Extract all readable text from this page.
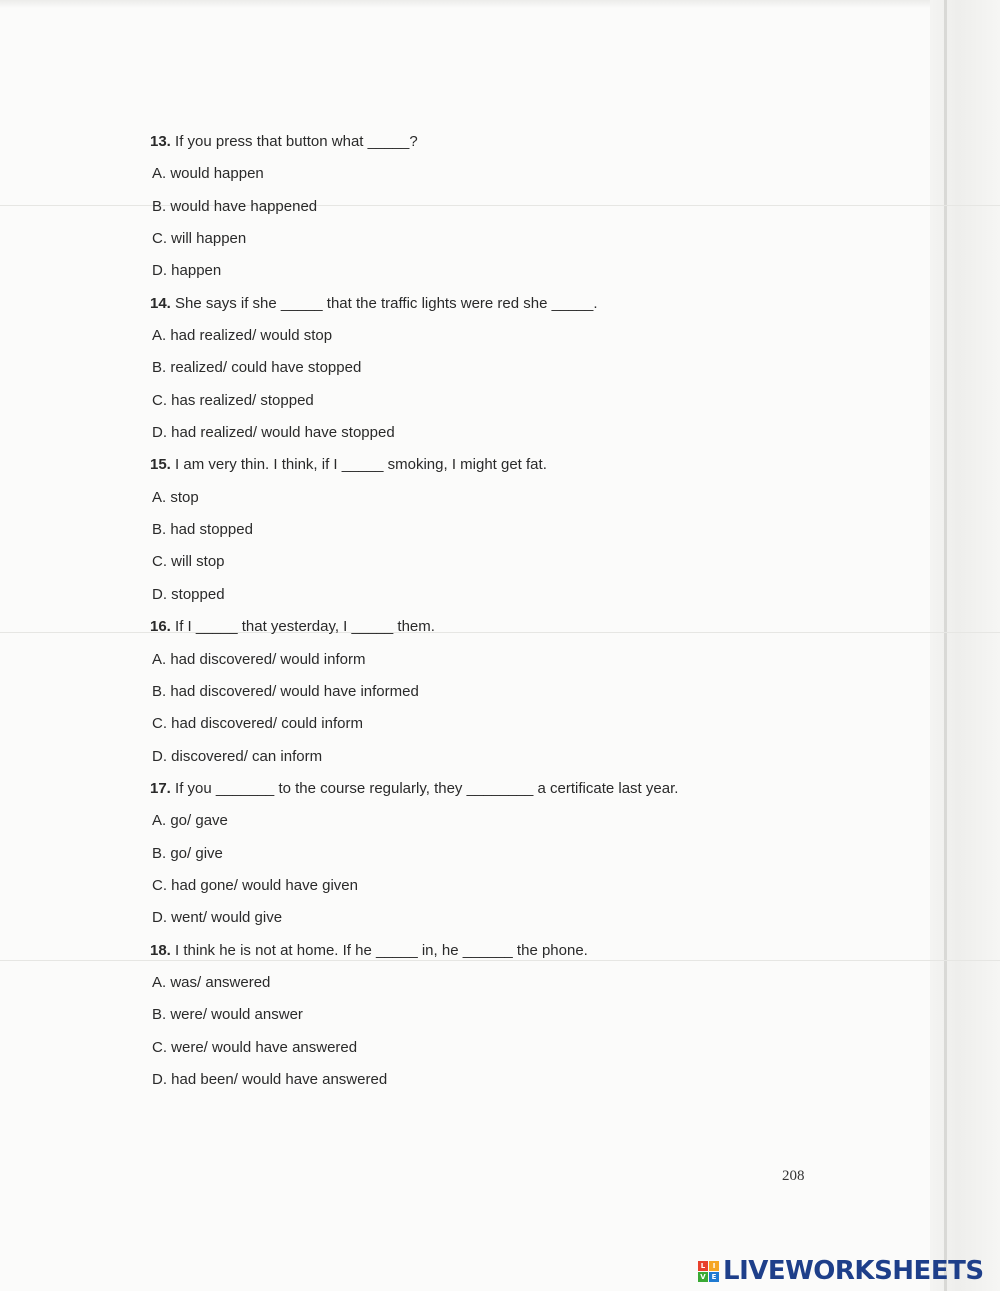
13. If you press that button what _____?
A. would happen
B. would have happened
C. will happen
D. happen
14. She says if she _____ that the traffic lights were red she _____.
A. had realized/ would stop
B. realized/ could have stopped
C. has realized/ stopped
D. had realized/ would have stopped
15. I am very thin. I think, if I _____ smoking, I might get fat.
A. stop
B. had stopped
C. will stop
D. stopped
16. If I _____ that yesterday, I _____ them.
A. had discovered/ would inform
B. had discovered/ would have informed
C. had discovered/ could inform
D. discovered/ can inform
17. If you _______ to the course regularly, they ________ a certificate last year.
A. go/ gave
B. go/ give
C. had gone/ would have given
D. went/ would give
18. I think he is not at home. If he _____ in, he ______ the phone.
A. was/ answered
B. were/ would answer
C. were/ would have answered
D. had been/ would have answered
208
L	I
V E LIVEWORKSHEETS
